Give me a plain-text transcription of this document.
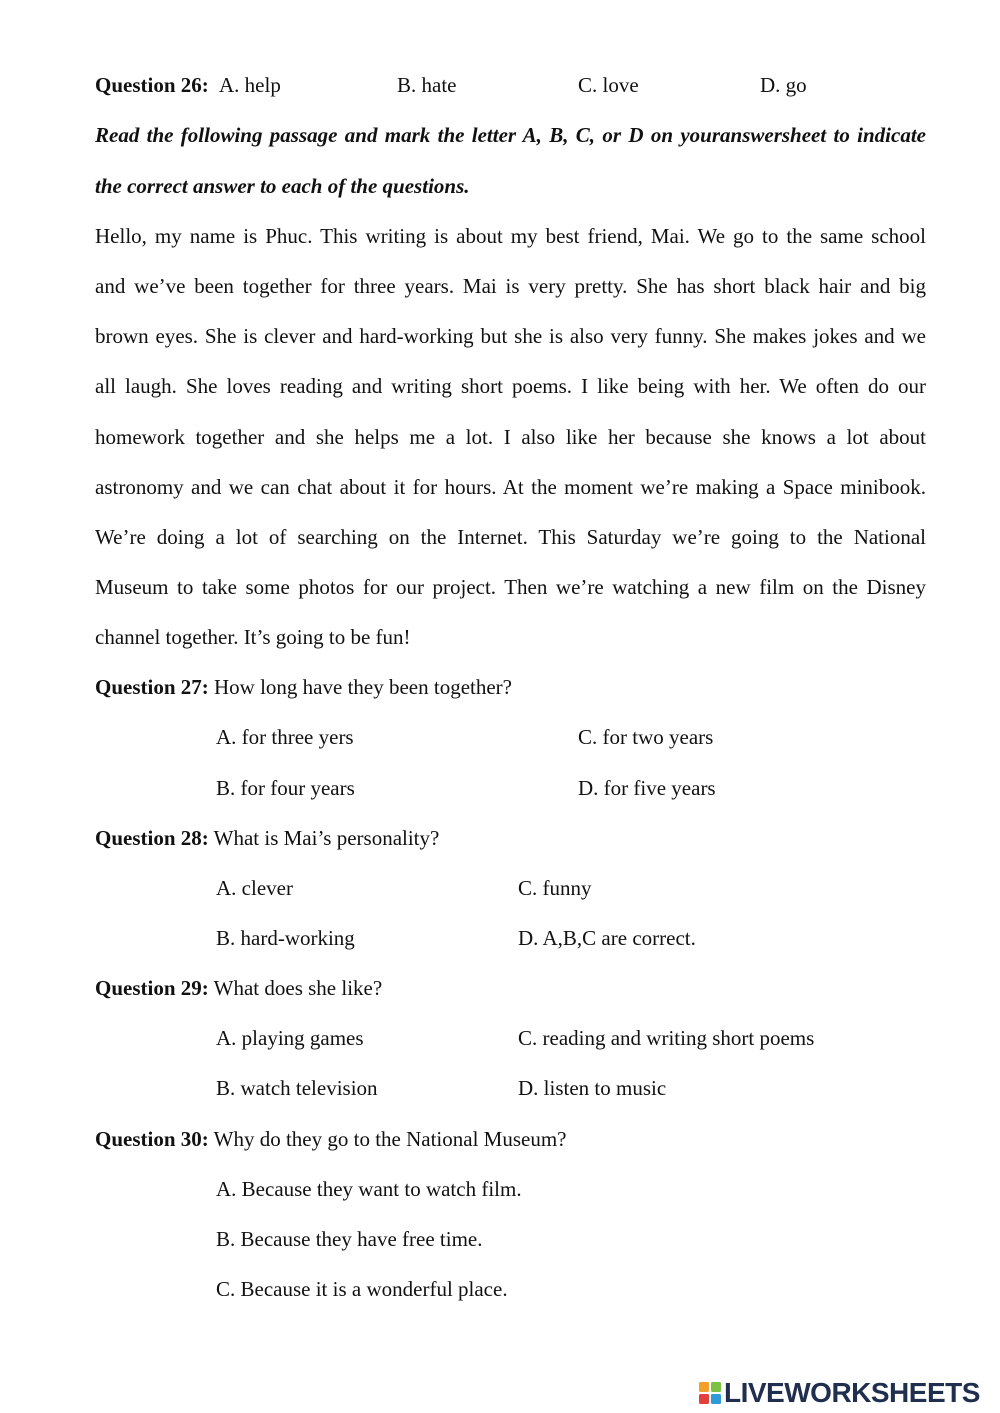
Question 26: A. help	B. hate	C. love	D. go
Read the following passage and mark the letter A, B, C, or D on youranswersheet to indicate
the correct answer to each of the questions.
Hello, my name is Phuc. This writing is about my best friend, Mai. We go to the same school
and we’ve been together for three years. Mai is very pretty. She has short black hair and big
brown eyes. She is clever and hard-working but she is also very funny. She makes jokes and we
all laugh. She loves reading and writing short poems. I like being with her. We often do our
homework together and she helps me a lot. I also like her because she knows a lot about
astronomy and we can chat about it for hours. At the moment we’re making a Space minibook.
We’re doing a lot of searching on the Internet. This Saturday we’re going to the National
Museum to take some photos for our project. Then we’re watching a new film on the Disney
channel together. It’s going to be fun!
Question 27: How long have they been together?
A. for three yers	C. for two years
B. for four years	D. for five years
Question 28: What is Mai’s personality?
A. clever	C. funny
B. hard-working	D. A,B,C are correct.
Question 29: What does she like?
A. playing games	C. reading and writing short poems
B. watch television	D. listen to music
Question 30: Why do they go to the National Museum?
A. Because they want to watch film.
B. Because they have free time.
C. Because it is a wonderful place.
LIVEWORKSHEETS
